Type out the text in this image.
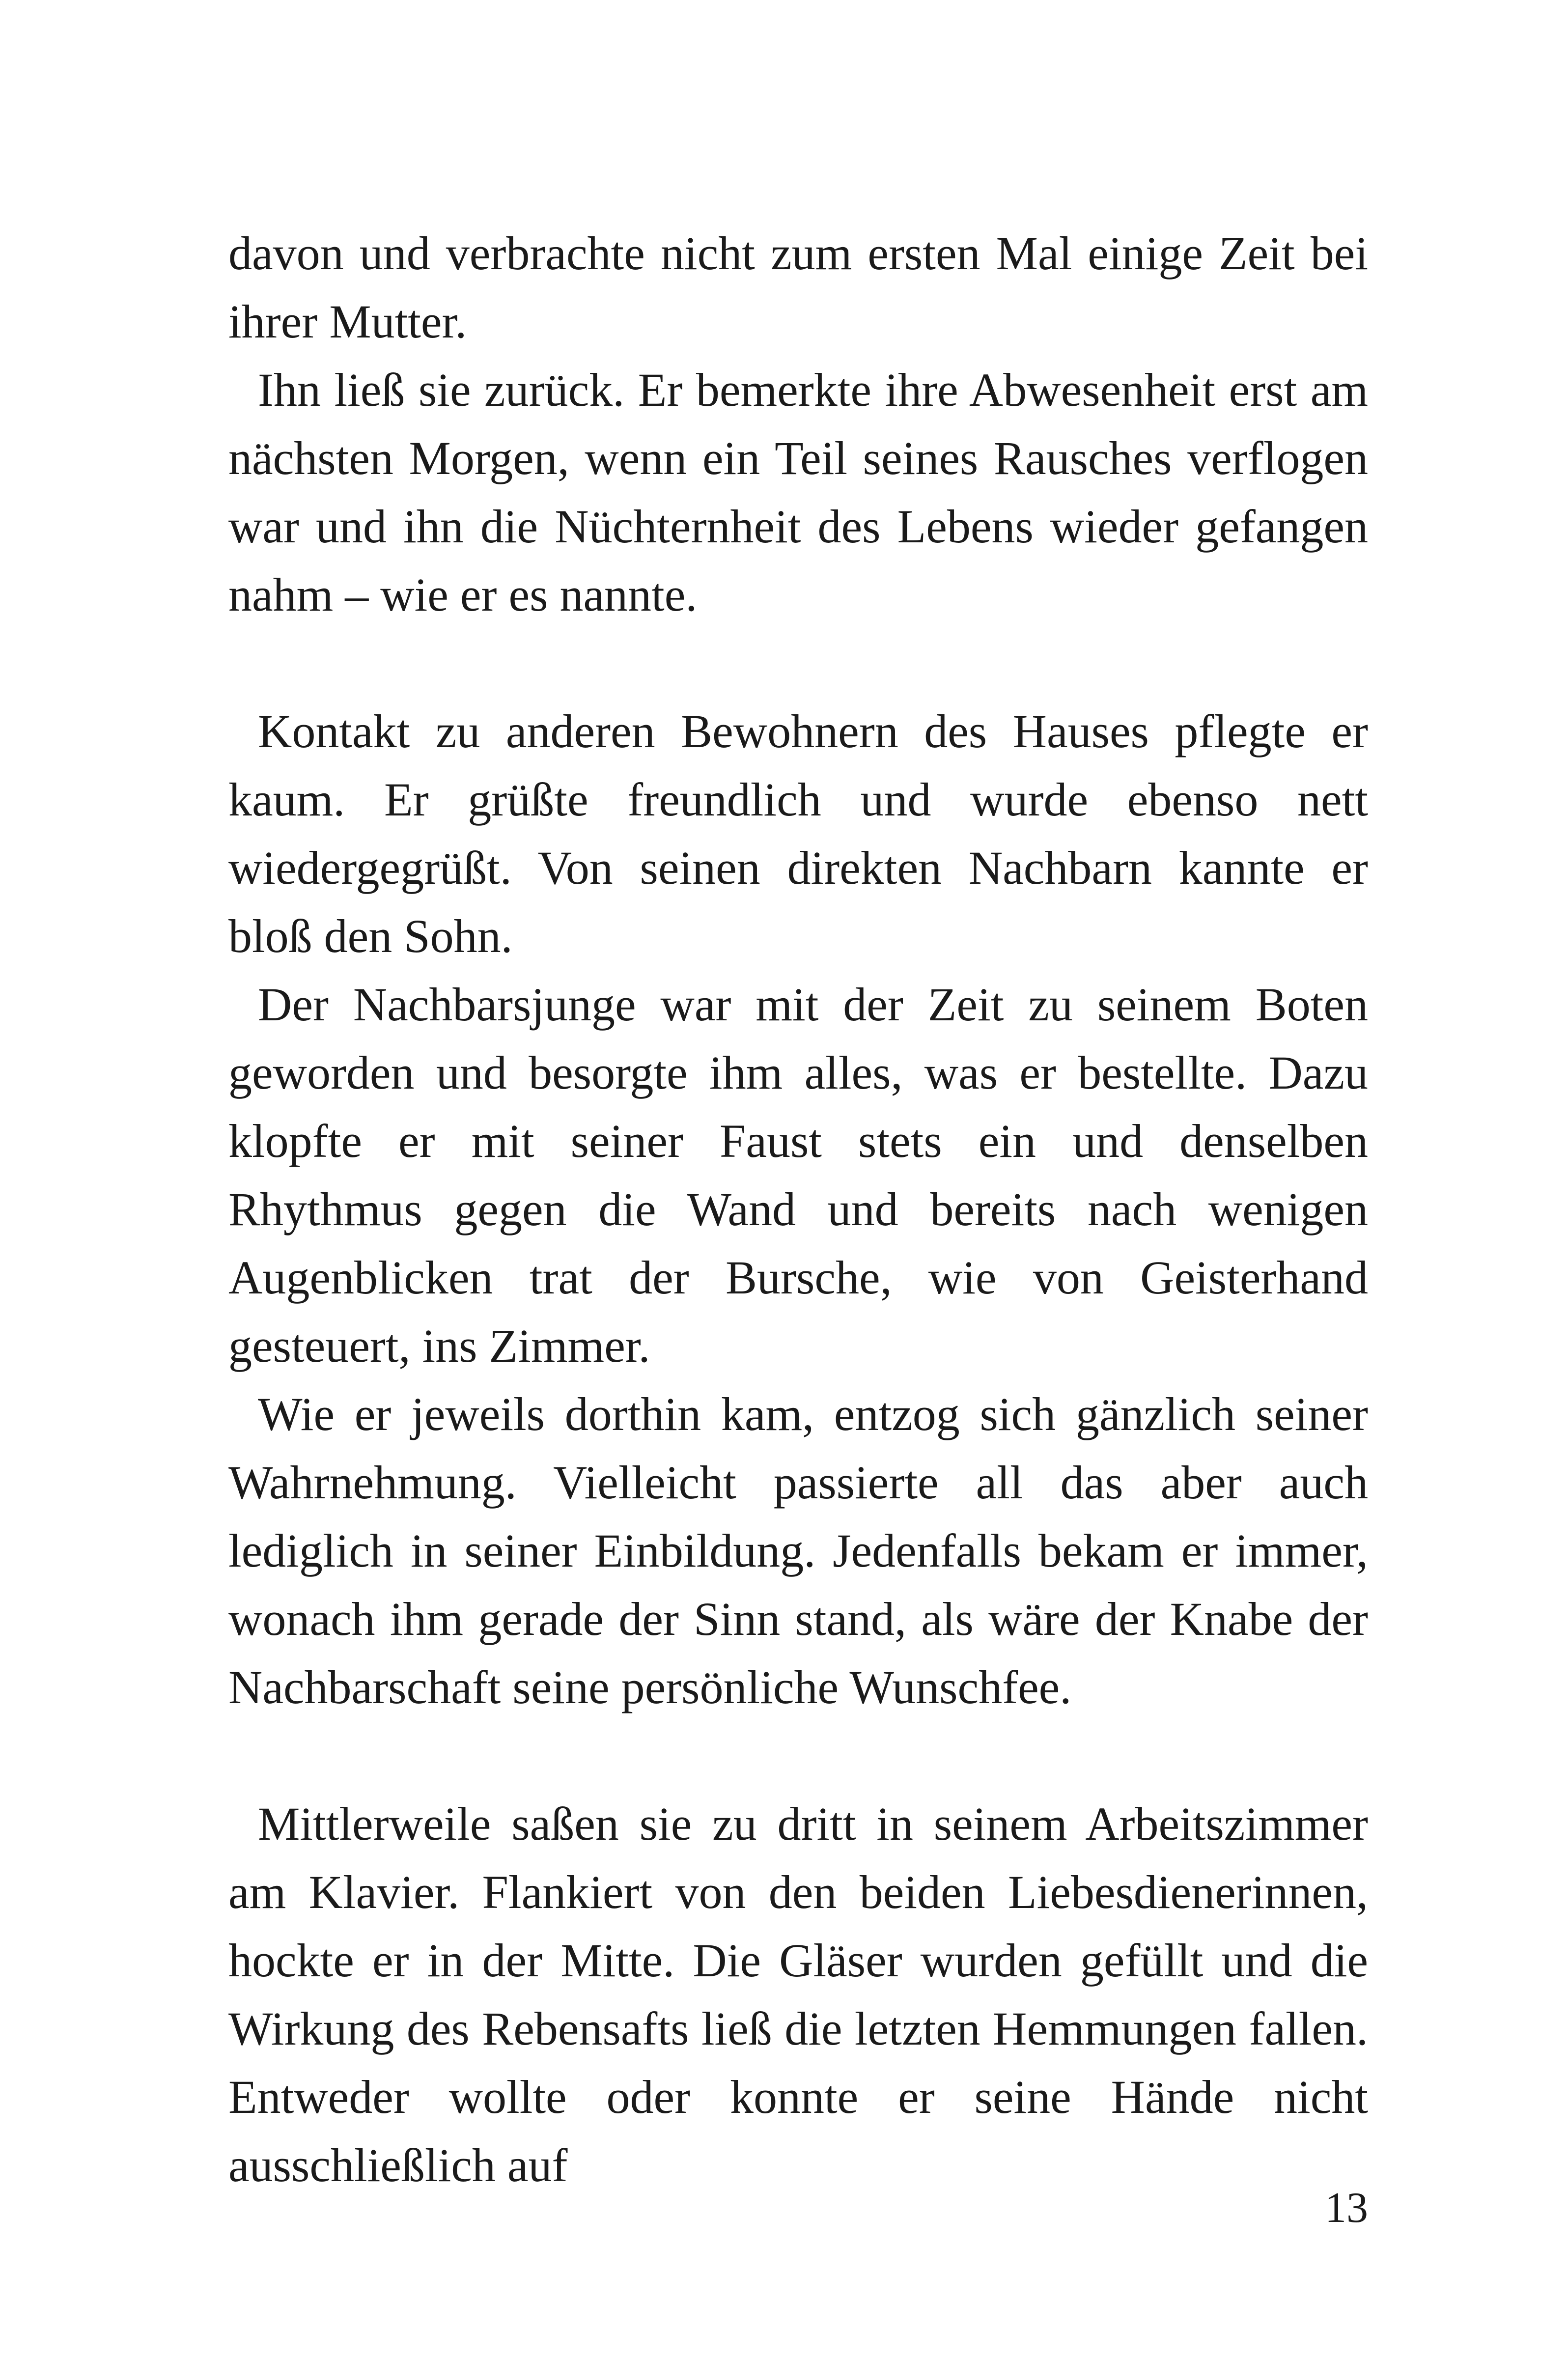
davon und verbrachte nicht zum ersten Mal einige Zeit bei ihrer Mutter.

Ihn ließ sie zurück. Er bemerkte ihre Abwesenheit erst am nächsten Morgen, wenn ein Teil seines Rausches verflogen war und ihn die Nüchternheit des Lebens wieder gefangen nahm – wie er es nannte.

Kontakt zu anderen Bewohnern des Hauses pflegte er kaum. Er grüßte freundlich und wurde ebenso nett wiedergegrüßt. Von seinen direkten Nachbarn kannte er bloß den Sohn.

Der Nachbarsjunge war mit der Zeit zu seinem Boten geworden und besorgte ihm alles, was er bestellte. Dazu klopfte er mit seiner Faust stets ein und denselben Rhythmus gegen die Wand und bereits nach wenigen Augenblicken trat der Bursche, wie von Geisterhand gesteuert, ins Zimmer.

Wie er jeweils dorthin kam, entzog sich gänzlich seiner Wahrnehmung. Vielleicht passierte all das aber auch lediglich in seiner Einbildung. Jedenfalls bekam er immer, wonach ihm gerade der Sinn stand, als wäre der Knabe der Nachbarschaft seine persönliche Wunschfee.

Mittlerweile saßen sie zu dritt in seinem Arbeitszimmer am Klavier. Flankiert von den beiden Liebesdienerinnen, hockte er in der Mitte. Die Gläser wurden gefüllt und die Wirkung des Rebensafts ließ die letzten Hemmungen fallen. Entweder wollte oder konnte er seine Hände nicht ausschließlich auf

13
